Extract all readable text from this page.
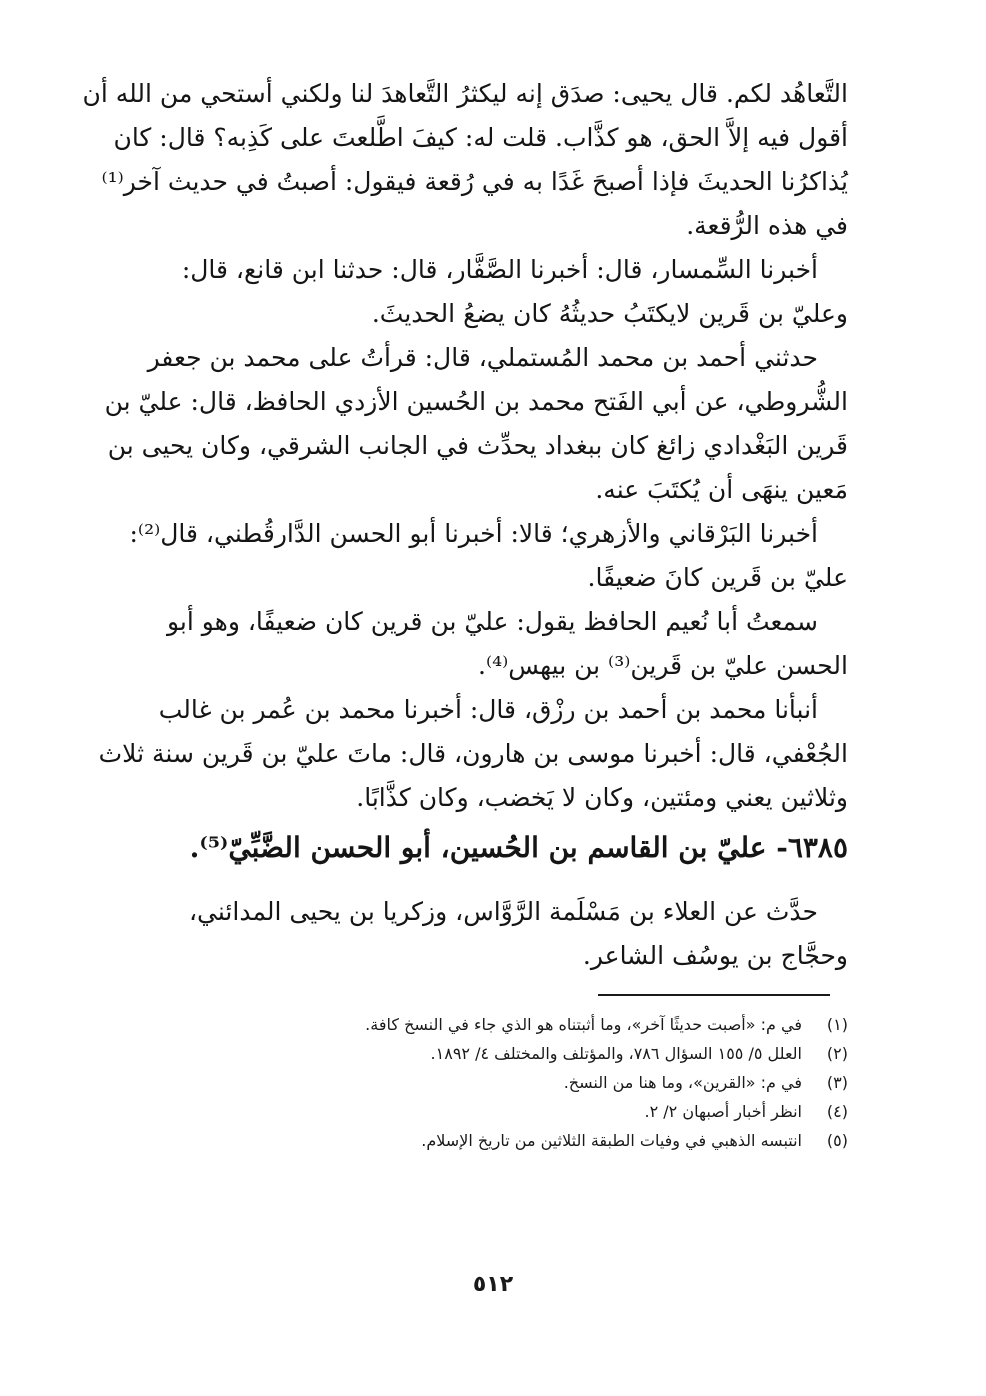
التَّعاهُد لكم. قال يحيى: صدَق إنه ليكثرُ التَّعاهدَ لنا ولكني أستحي من الله أن
أقول فيه إلاَّ الحق، هو كذَّاب. قلت له: كيفَ اطَّلعتَ على كَذِبه؟ قال: كان
يُذاكرُنا الحديثَ فإذا أصبحَ غَدًا به في رُقعة فيقول: أصبتُ في حديث آخر⁽¹⁾
في هذه الرُّقعة.
أخبرنا السِّمسار، قال: أخبرنا الصَّفَّار، قال: حدثنا ابن قانع، قال:
وعليّ بن قَرين لايكتَبُ حديثُهُ كان يضعُ الحديثَ.
حدثني أحمد بن محمد المُستملي، قال: قرأتُ على محمد بن جعفر
الشُّروطي، عن أبي الفَتح محمد بن الحُسين الأزدي الحافظ، قال: عليّ بن
قَرين البَغْدادي زائغ كان ببغداد يحدِّث في الجانب الشرقي، وكان يحيى بن
مَعين ينهَى أن يُكتَبَ عنه.
أخبرنا البَرْقاني والأزهري؛ قالا: أخبرنا أبو الحسن الدَّارقُطني، قال⁽²⁾:
عليّ بن قَرين كانَ ضعيفًا.
سمعتُ أبا نُعيم الحافظ يقول: عليّ بن قرين كان ضعيفًا، وهو أبو
الحسن عليّ بن قَرين⁽³⁾ بن بيهس⁽⁴⁾.
أنبأنا محمد بن أحمد بن رزْق، قال: أخبرنا محمد بن عُمر بن غالب
الجُعْفي، قال: أخبرنا موسى بن هارون، قال: ماتَ عليّ بن قَرين سنة ثلاث
وثلاثين يعني ومئتين، وكان لا يَخضب، وكان كذَّابًا.
٦٣٨٥- عليّ بن القاسم بن الحُسين، أبو الحسن الضَّبِّيّ⁽⁵⁾.
حدَّث عن العلاء بن مَسْلَمة الرَّوَّاس، وزكريا بن يحيى المدائني،
وحجَّاج بن يوسُف الشاعر.
(١)في م: «أصبت حديثًا آخر»، وما أثبتناه هو الذي جاء في النسخ كافة.
(٢)العلل ٥/ ١٥٥ السؤال ٧٨٦، والمؤتلف والمختلف ٤/ ١٨٩٢.
(٣)في م: «القرين»، وما هنا من النسخ.
(٤)انظر أخبار أصبهان ٢/ ٢.
(٥)انتبسه الذهبي في وفيات الطبقة الثلاثين من تاريخ الإسلام.
٥١٢
